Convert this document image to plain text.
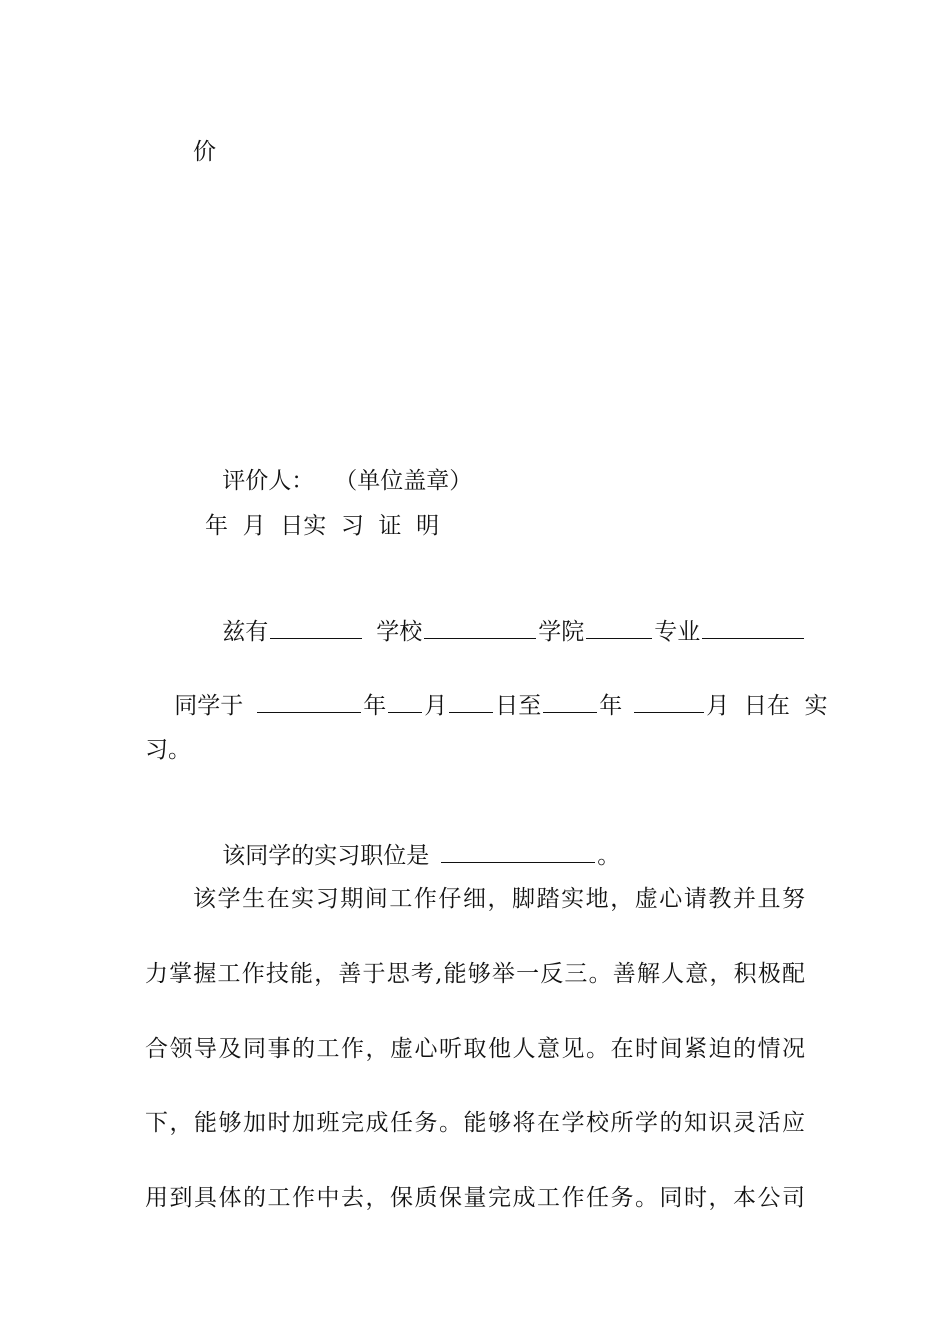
价

评价人： （单位盖章）

年  月  日实  习  证  明

兹有	学校	学院	专业

同学于	年 月 日至	年	月  日在  实

习。

该同学的实习职位是	。

该学生在实习期间工作仔细，脚踏实地，虚心请教并且努
力掌握工作技能，善于思考,能够举一反三。善解人意，积极配
合领导及同事的工作，虚心听取他人意见。在时间紧迫的情况
下，能够加时加班完成任务。能够将在学校所学的知识灵活应
用到具体的工作中去，保质保量完成工作任务。同时，本公司
